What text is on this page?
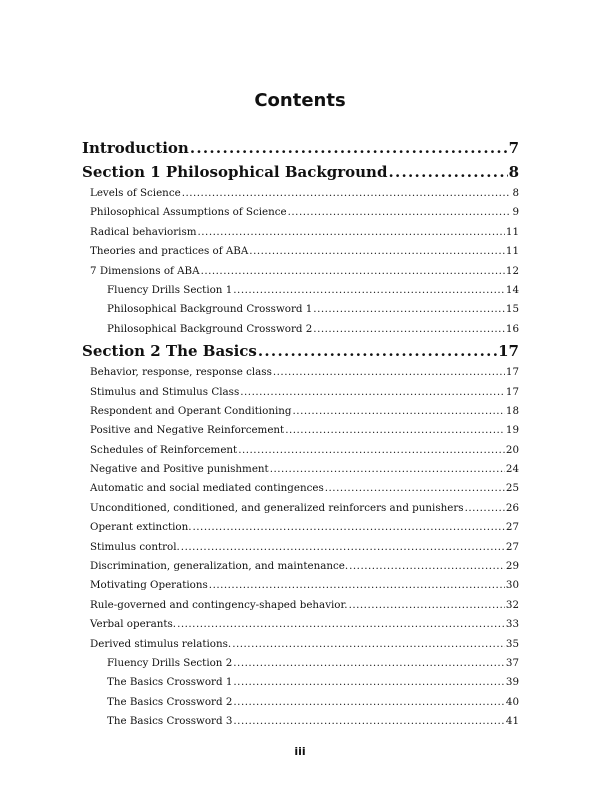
Contents
Introduction .....	7
Section 1 Philosophical Background .....	8
Levels of Science .....	8
Philosophical Assumptions of Science .....	9
Radical behaviorism .....	11
Theories and practices of ABA .....	11
7 Dimensions of ABA .....	12
Fluency Drills Section 1 .....	14
Philosophical Background Crossword 1 .....	15
Philosophical Background Crossword 2 .....	16
Section 2 The Basics .....	17
Behavior, response, response class .....	17
Stimulus and Stimulus Class .....	17
Respondent and Operant Conditioning .....	18
Positive and Negative Reinforcement .....	19
Schedules of Reinforcement .....	20
Negative and Positive punishment .....	24
Automatic and social mediated contingences .....	25
Unconditioned, conditioned, and generalized reinforcers and punishers .....	26
Operant extinction. .....	27
Stimulus control. .....	27
Discrimination, generalization, and maintenance. .....	29
Motivating Operations .....	30
Rule-governed and contingency-shaped behavior. .....	32
Verbal operants. .....	33
Derived stimulus relations. .....	35
Fluency Drills Section 2 .....	37
The Basics Crossword 1 .....	39
The Basics Crossword 2 .....	40
The Basics Crossword 3 .....	41
iii
